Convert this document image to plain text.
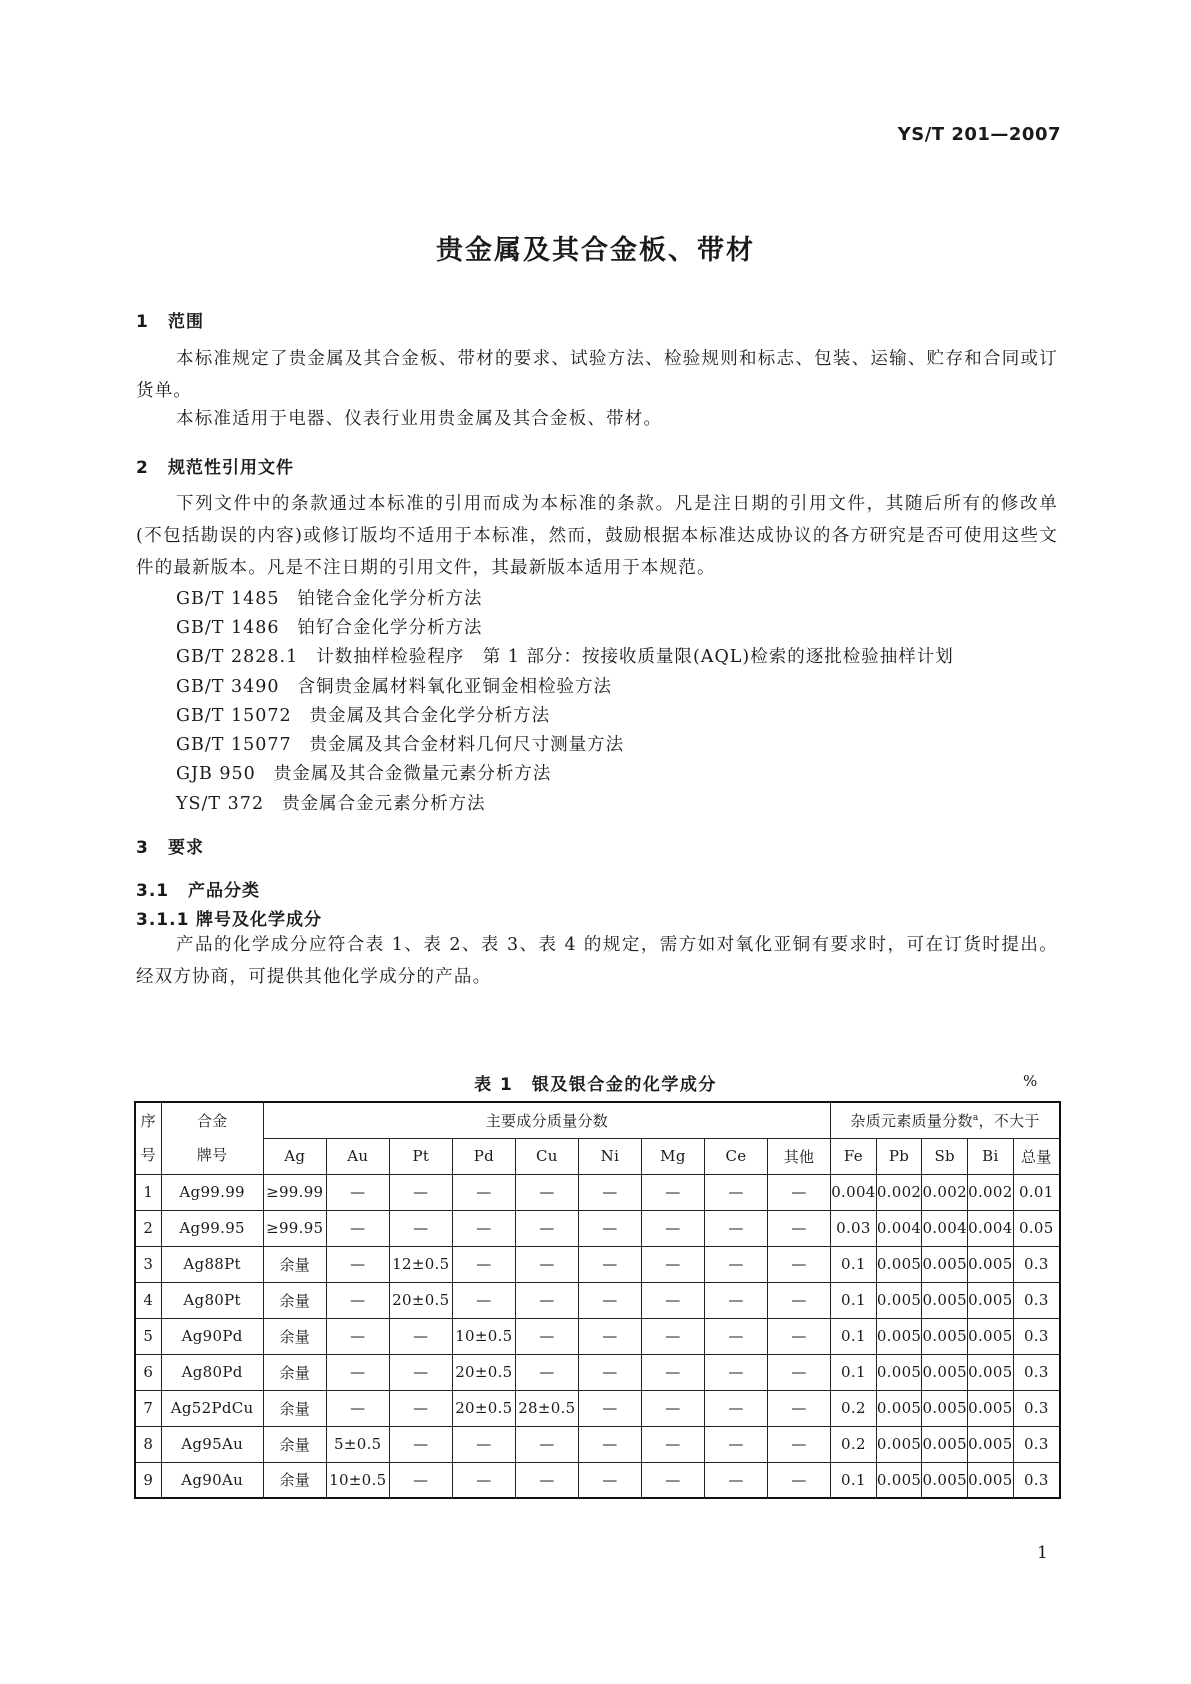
YS/T 201—2007
贵金属及其合金板、带材
1 范围

本标准规定了贵金属及其合金板、带材的要求、试验方法、检验规则和标志、包装、运输、贮存和合同或订货单。

本标准适用于电器、仪表行业用贵金属及其合金板、带材。

2 规范性引用文件

下列文件中的条款通过本标准的引用而成为本标准的条款。凡是注日期的引用文件，其随后所有的修改单(不包括勘误的内容)或修订版均不适用于本标准，然而，鼓励根据本标准达成协议的各方研究是否可使用这些文件的最新版本。凡是不注日期的引用文件，其最新版本适用于本规范。

GB/T 1485 铂铑合金化学分析方法
GB/T 1486 铂钌合金化学分析方法
GB/T 2828.1 计数抽样检验程序　第 1 部分：按接收质量限(AQL)检索的逐批检验抽样计划
GB/T 3490 含铜贵金属材料氧化亚铜金相检验方法
GB/T 15072 贵金属及其合金化学分析方法
GB/T 15077 贵金属及其合金材料几何尺寸测量方法
GJB 950 贵金属及其合金微量元素分析方法
YS/T 372 贵金属合金元素分析方法
3 要求
3.1 产品分类
3.1.1 牌号及化学成分

产品的化学成分应符合表 1、表 2、表 3、表 4 的规定，需方如对氧化亚铜有要求时，可在订货时提出。经双方协商，可提供其他化学成分的产品。

表 1　银及银合金的化学成分	%
序
号	合金
牌号	主要成分质量分数									杂质元素质量分数$^a$，不大于				
		Ag	Au	Pt	Pd	Cu	Ni	Mg	Ce	其他	Fe	Pb	Sb	Bi	总量
1	Ag99.99	≥99.99	—	—	—	—	—	—	—	—	0.004	0.002	0.002	0.002	0.01
2	Ag99.95	≥99.95	—	—	—	—	—	—	—	—	0.03	0.004	0.004	0.004	0.05
3	Ag88Pt	余量	—	12±0.5	—	—	—	—	—	—	0.1	0.005	0.005	0.005	0.3
4	Ag80Pt	余量	—	20±0.5	—	—	—	—	—	—	0.1	0.005	0.005	0.005	0.3
5	Ag90Pd	余量	—	—	10±0.5	—	—	—	—	—	0.1	0.005	0.005	0.005	0.3
6	Ag80Pd	余量	—	—	20±0.5	—	—	—	—	—	0.1	0.005	0.005	0.005	0.3
7	Ag52PdCu	余量	—	—	20±0.5	28±0.5	—	—	—	—	0.2	0.005	0.005	0.005	0.3
8	Ag95Au	余量	5±0.5	—	—	—	—	—	—	—	0.2	0.005	0.005	0.005	0.3
9	Ag90Au	余量	10±0.5	—	—	—	—	—	—	—	0.1	0.005	0.005	0.005	0.3
1
